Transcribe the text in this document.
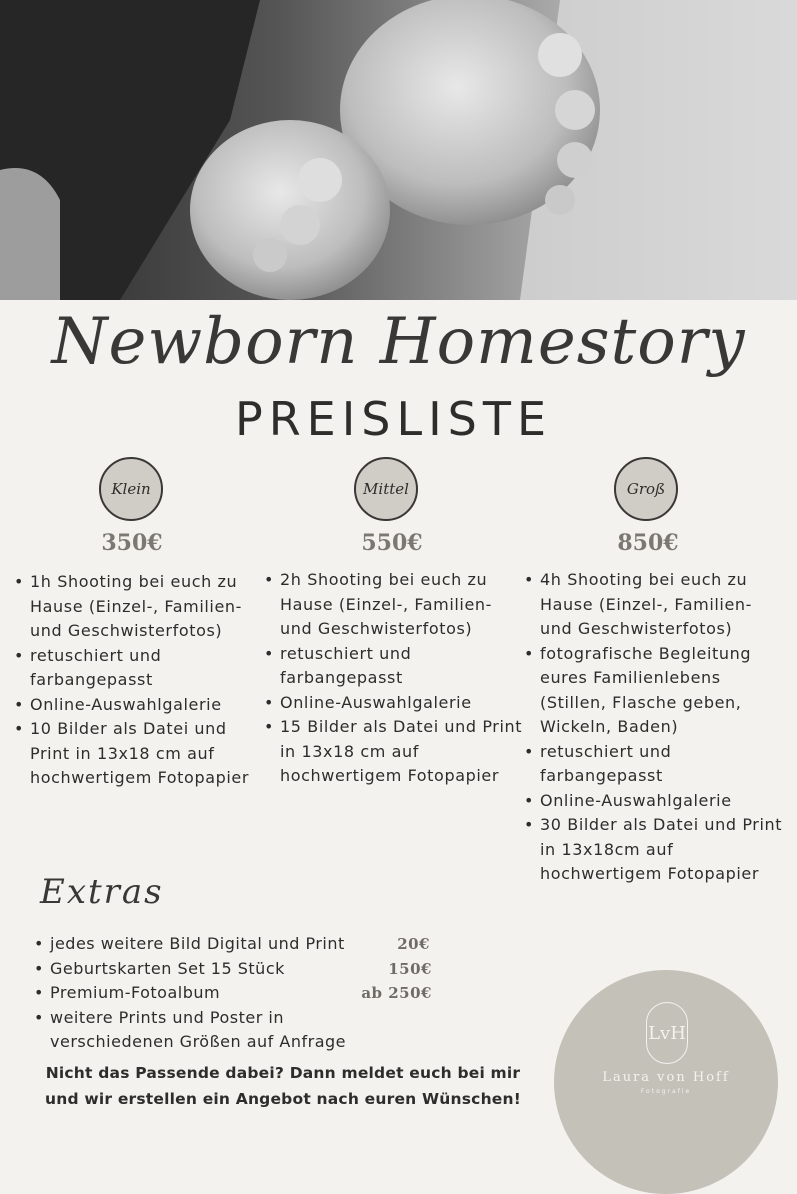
Newborn Homestory
PREISLISTE
Klein	Mittel	Groß
350€	550€	850€
• 1h Shooting bei euch zu Hause (Einzel-, Familien- und Geschwisterfotos)
• retuschiert und farbangepasst
• Online-Auswahlgalerie
• 10 Bilder als Datei und Print in 13x18 cm auf hochwertigem Fotopapier
• 2h Shooting bei euch zu Hause (Einzel-, Familien- und Geschwisterfotos)
• retuschiert und farbangepasst
• Online-Auswahlgalerie
• 15 Bilder als Datei und Print in 13x18 cm auf hochwertigem Fotopapier
• 4h Shooting bei euch zu Hause (Einzel-, Familien- und Geschwisterfotos)
• fotografische Begleitung eures Familienlebens (Stillen, Flasche geben, Wickeln, Baden)
• retuschiert und farbangepasst
• Online-Auswahlgalerie
• 30 Bilder als Datei und Print in 13x18cm auf hochwertigem Fotopapier
Extras
• jedes weitere Bild Digital und Print	20€
• Geburtskarten Set 15 Stück	150€
• Premium-Fotoalbum	ab 250€
• weitere Prints und Poster in verschiedenen Größen auf Anfrage
Nicht das Passende dabei? Dann meldet euch bei mir
und wir erstellen ein Angebot nach euren Wünschen!
LvH
Laura von Hoff
Fotografie
